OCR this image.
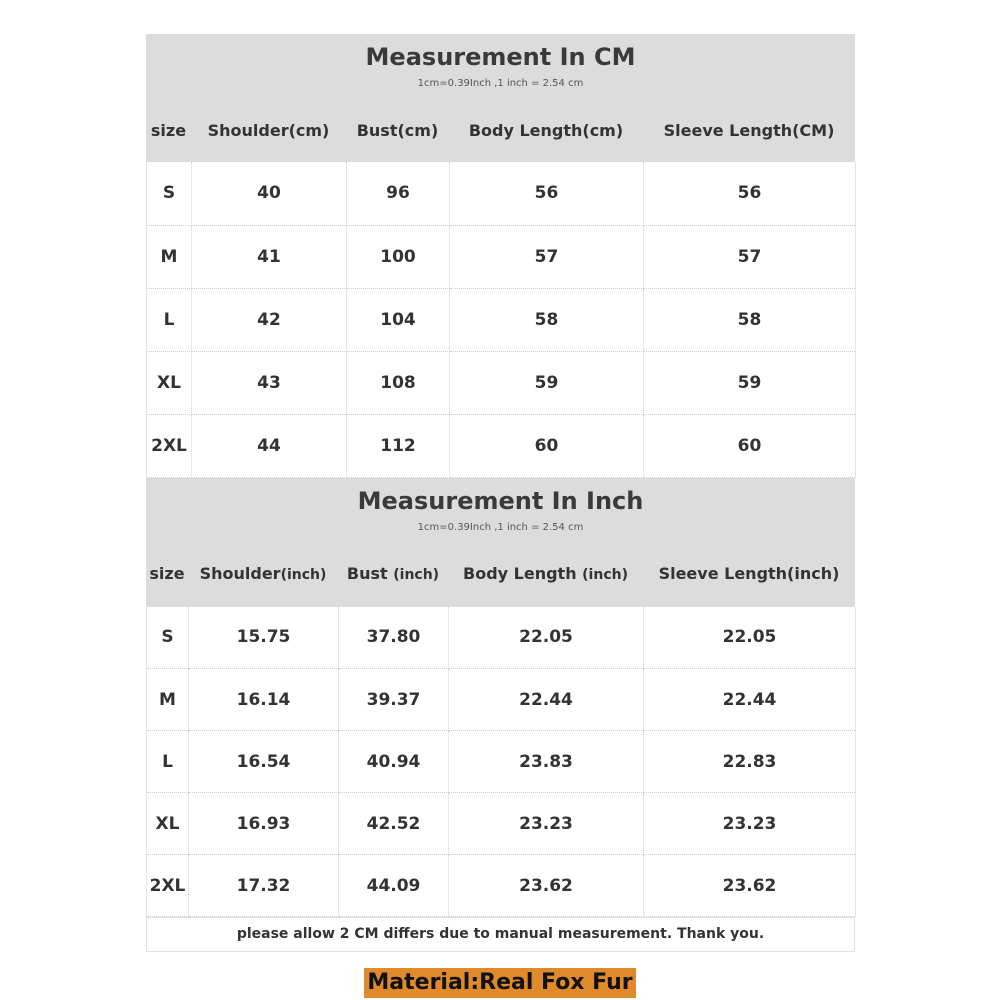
Measurement In CM
1cm=0.39Inch ,1 inch = 2.54 cm
size	Shoulder(cm)	Bust(cm)	Body Length(cm)	Sleeve Length(CM)
S	40	96	56	56
M	41	100	57	57
L	42	104	58	58
XL	43	108	59	59
2XL	44	112	60	60
Measurement In Inch
1cm=0.39Inch ,1 inch = 2.54 cm
size	Shoulder(inch)	Bust (inch)	Body Length (inch)	Sleeve Length(inch)
S	15.75	37.80	22.05	22.05
M	16.14	39.37	22.44	22.44
L	16.54	40.94	23.83	22.83
XL	16.93	42.52	23.23	23.23
2XL	17.32	44.09	23.62	23.62
please allow 2 CM differs due to manual measurement. Thank you.
Material:Real Fox Fur
